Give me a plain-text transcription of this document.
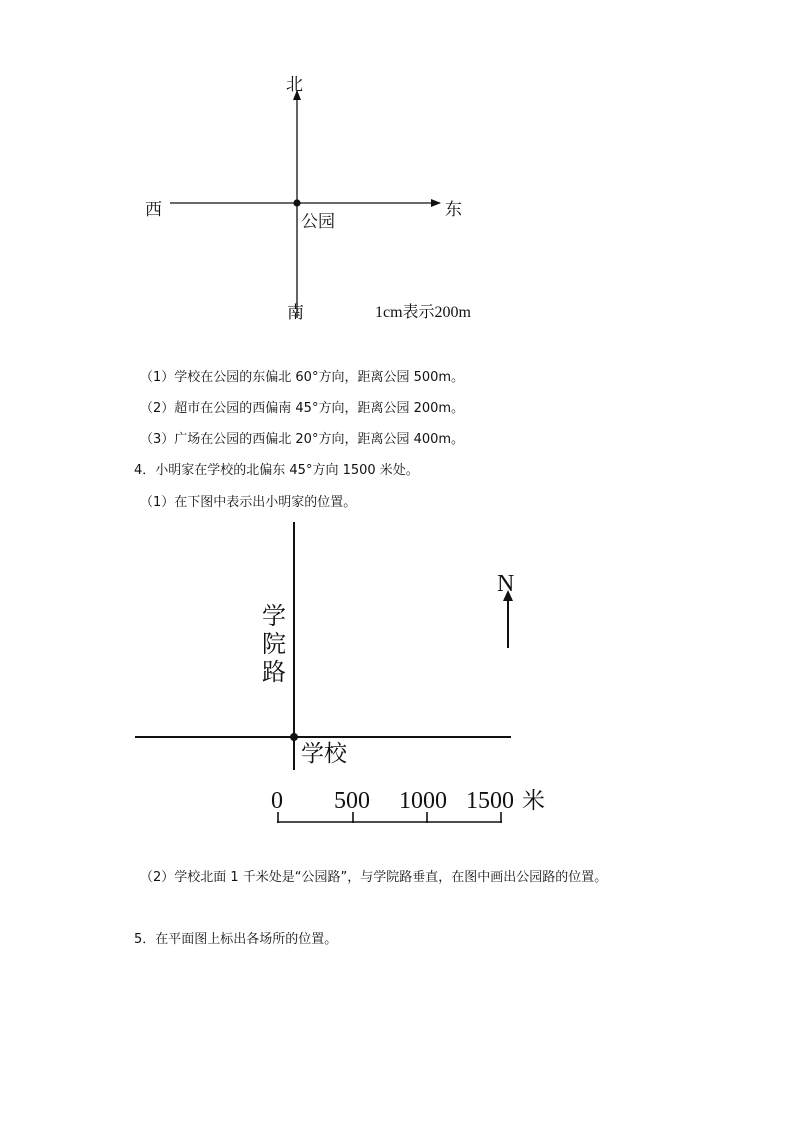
北
西	东
公园
南	1cm表示200m
（1）学校在公园的东偏北 60°方向，距离公园 500m。
（2）超市在公园的西偏南 45°方向，距离公园 200m。
（3）广场在公园的西偏北 20°方向，距离公园 400m。
4．小明家在学校的北偏东 45°方向 1500 米处。
（1）在下图中表示出小明家的位置。
学
院
路
N
学校
0 500 1000 1500 米
（2）学校北面 1 千米处是“公园路”，与学院路垂直，在图中画出公园路的位置。
5．在平面图上标出各场所的位置。
